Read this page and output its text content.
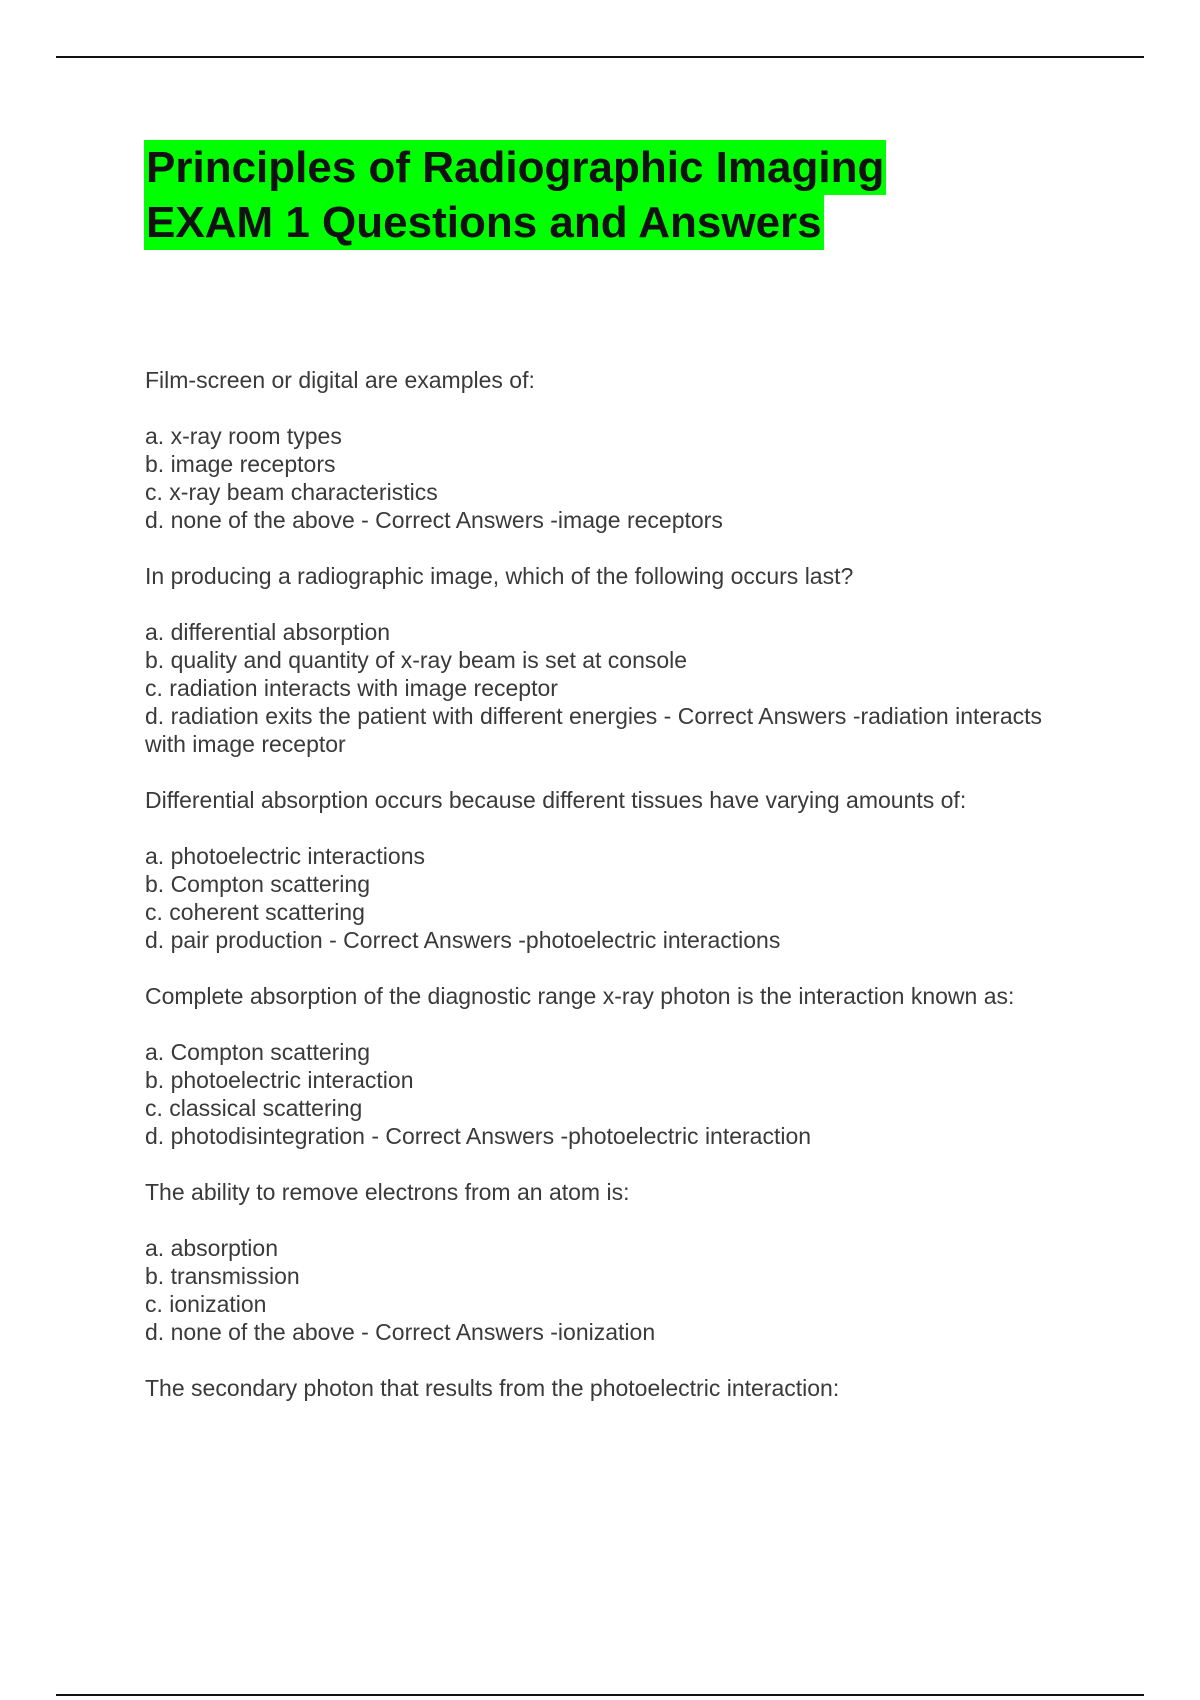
Principles of Radiographic Imaging
EXAM 1 Questions and Answers

Film-screen or digital are examples of:

a. x-ray room types

b. image receptors

c. x-ray beam characteristics

d. none of the above - Correct Answers -image receptors

In producing a radiographic image, which of the following occurs last?

a. differential absorption

b. quality and quantity of x-ray beam is set at console

c. radiation interacts with image receptor

d. radiation exits the patient with different energies - Correct Answers -radiation interacts with image receptor

Differential absorption occurs because different tissues have varying amounts of:

a. photoelectric interactions

b. Compton scattering

c. coherent scattering

d. pair production - Correct Answers -photoelectric interactions

Complete absorption of the diagnostic range x-ray photon is the interaction known as:

a. Compton scattering

b. photoelectric interaction

c. classical scattering

d. photodisintegration - Correct Answers -photoelectric interaction

The ability to remove electrons from an atom is:

a. absorption

b. transmission

c. ionization

d. none of the above - Correct Answers -ionization

The secondary photon that results from the photoelectric interaction:
